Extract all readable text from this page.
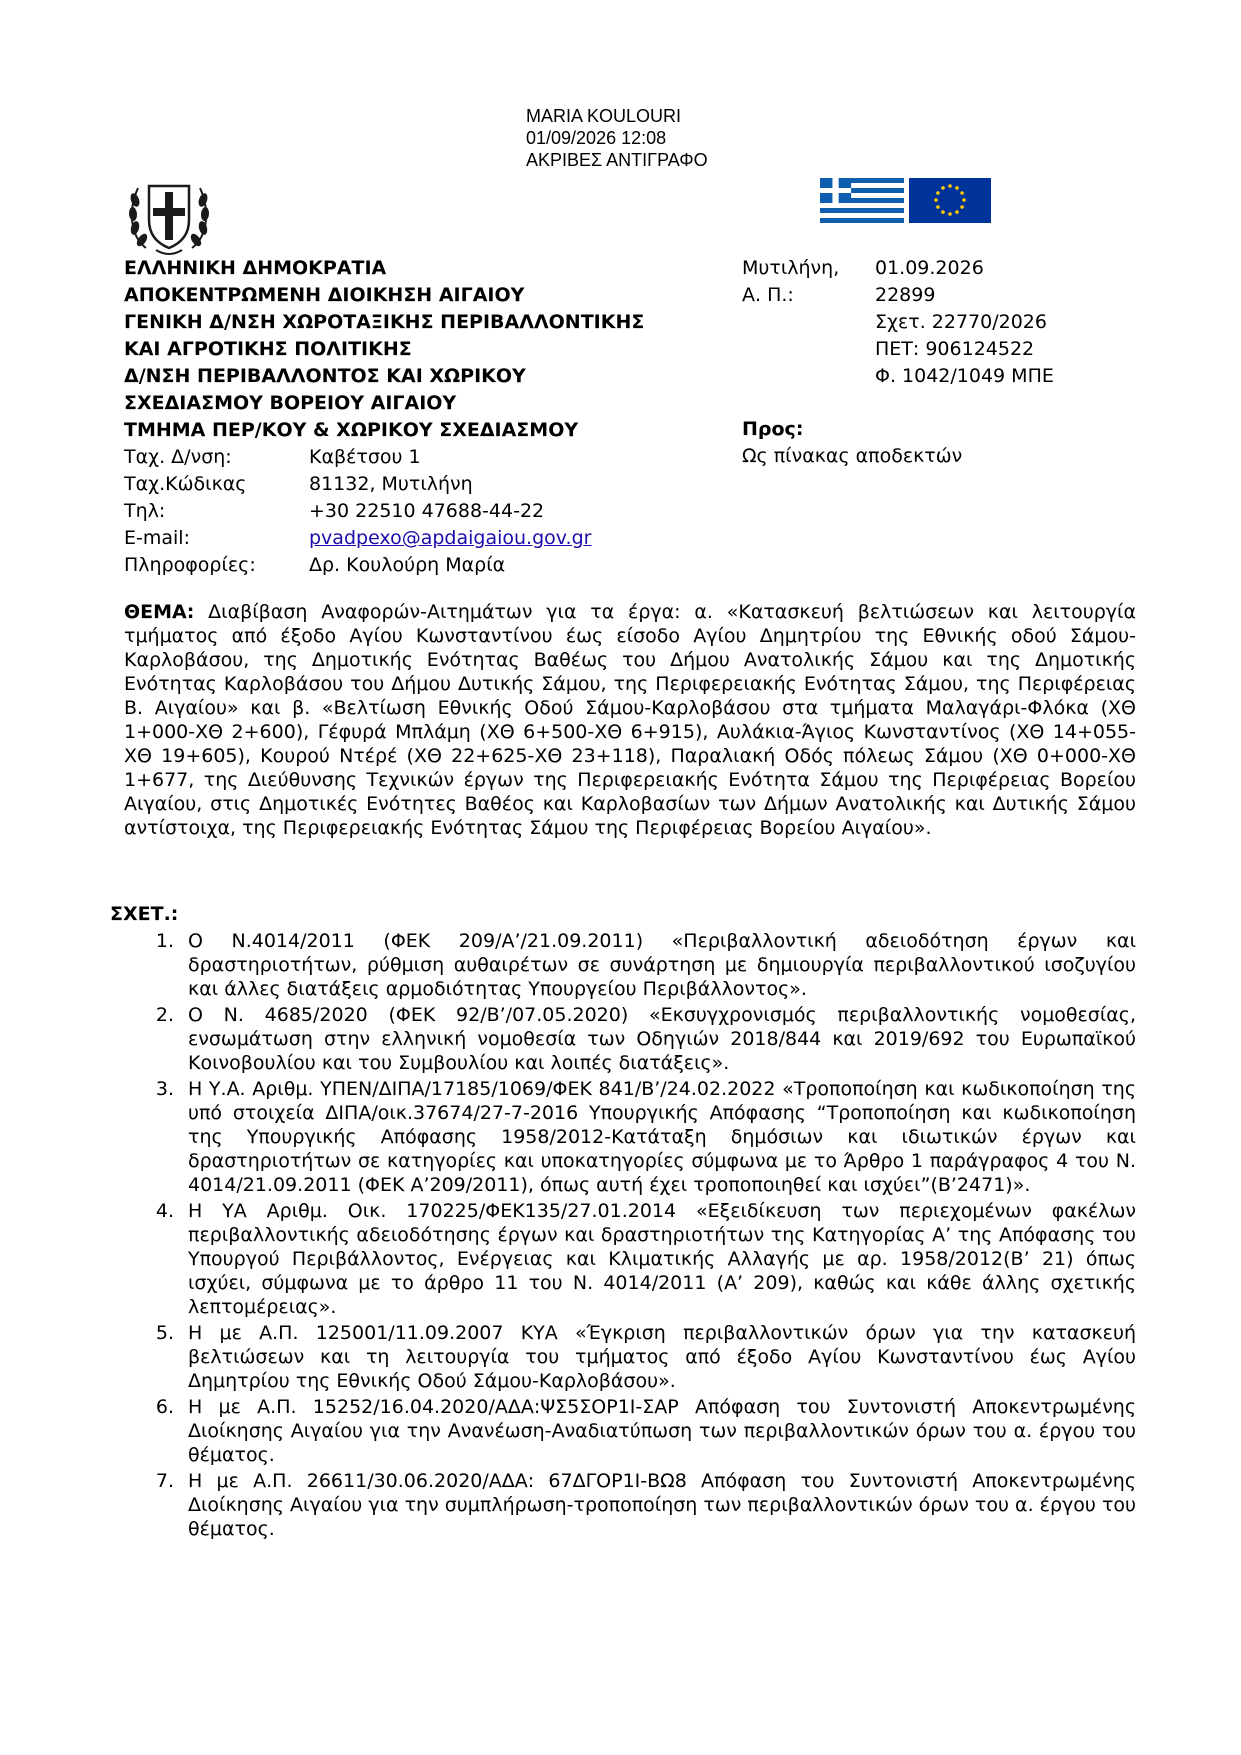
MARIA KOULOURI
01/09/2026 12:08
ΑΚΡΙΒΕΣ ΑΝΤΙΓΡΑΦΟ
ΕΛΛΗΝΙΚΗ ΔΗΜΟΚΡΑΤΙΑ
ΑΠΟΚΕΝΤΡΩΜΕΝΗ ΔΙΟΙΚΗΣΗ ΑΙΓΑΙΟΥ
ΓΕΝΙΚΗ Δ/ΝΣΗ ΧΩΡΟΤΑΞΙΚΗΣ ΠΕΡΙΒΑΛΛΟΝΤΙΚΗΣ
ΚΑΙ ΑΓΡΟΤΙΚΗΣ ΠΟΛΙΤΙΚΗΣ
Δ/ΝΣΗ ΠΕΡΙΒΑΛΛΟΝΤΟΣ ΚΑΙ ΧΩΡΙΚΟΥ
ΣΧΕΔΙΑΣΜΟΥ ΒΟΡΕΙΟΥ ΑΙΓΑΙΟΥ
ΤΜΗΜΑ ΠΕΡ/ΚΟΥ & ΧΩΡΙΚΟΥ ΣΧΕΔΙΑΣΜΟΥ
Ταχ. Δ/νση:	Καβέτσου 1
Ταχ.Κώδικας	81132, Μυτιλήνη
Τηλ:	+30 22510 47688-44-22
E-mail:	pvadpexo@apdaigaiou.gov.gr
Πληροφορίες:	Δρ. Κουλούρη Μαρία
Μυτιλήνη,	01.09.2026
Α. Π.:	22899
Σχετ. 22770/2026
ΠΕΤ: 906124522
Φ. 1042/1049 ΜΠΕ
Προς:
Ως πίνακας αποδεκτών
ΘΕΜΑ: Διαβίβαση Αναφορών-Αιτημάτων για τα έργα: α. «Κατασκευή βελτιώσεων και λειτουργία τμήματος από έξοδο Αγίου Κωνσταντίνου έως είσοδο Αγίου Δημητρίου της Εθνικής οδού Σάμου-Καρλοβάσου, της Δημοτικής Ενότητας Βαθέως του Δήμου Ανατολικής Σάμου και της Δημοτικής Ενότητας Καρλοβάσου του Δήμου Δυτικής Σάμου, της Περιφερειακής Ενότητας Σάμου, της Περιφέρειας Β. Αιγαίου» και β. «Βελτίωση Εθνικής Οδού Σάμου-Καρλοβάσου στα τμήματα Μαλαγάρι-Φλόκα (ΧΘ 1+000-ΧΘ 2+600), Γέφυρά Μπλάμη (ΧΘ 6+500-ΧΘ 6+915), Αυλάκια-Άγιος Κωνσταντίνος (ΧΘ 14+055-ΧΘ 19+605), Κουρού Ντέρέ (ΧΘ 22+625-ΧΘ 23+118), Παραλιακή Οδός πόλεως Σάμου (ΧΘ 0+000-ΧΘ 1+677, της Διεύθυνσης Τεχνικών έργων της Περιφερειακής Ενότητα Σάμου της Περιφέρειας Βορείου Αιγαίου, στις Δημοτικές Ενότητες Βαθέος και Καρλοβασίων των Δήμων Ανατολικής και Δυτικής Σάμου αντίστοιχα, της Περιφερειακής Ενότητας Σάμου της Περιφέρειας Βορείου Αιγαίου».
ΣΧΕΤ.:
1. Ο Ν.4014/2011 (ΦΕΚ 209/Α’/21.09.2011) «Περιβαλλοντική αδειοδότηση έργων και δραστηριοτήτων, ρύθμιση αυθαιρέτων σε συνάρτηση με δημιουργία περιβαλλοντικού ισοζυγίου και άλλες διατάξεις αρμοδιότητας Υπουργείου Περιβάλλοντος».
2. Ο Ν. 4685/2020 (ΦΕΚ 92/Β’/07.05.2020) «Εκσυγχρονισμός περιβαλλοντικής νομοθεσίας, ενσωμάτωση στην ελληνική νομοθεσία των Οδηγιών 2018/844 και 2019/692 του Ευρωπαϊκού Κοινοβουλίου και του Συμβουλίου και λοιπές διατάξεις».
3. Η Υ.Α. Αριθμ. ΥΠΕΝ/ΔΙΠΑ/17185/1069/ΦΕΚ 841/Β’/24.02.2022 «Τροποποίηση και κωδικοποίηση της υπό στοιχεία ΔΙΠΑ/οικ.37674/27-7-2016 Υπουργικής Απόφασης “Τροποποίηση και κωδικοποίηση της Υπουργικής Απόφασης 1958/2012-Κατάταξη δημόσιων και ιδιωτικών έργων και δραστηριοτήτων σε κατηγορίες και υποκατηγορίες σύμφωνα με το Άρθρο 1 παράγραφος 4 του Ν. 4014/21.09.2011 (ΦΕΚ Α’209/2011), όπως αυτή έχει τροποποιηθεί και ισχύει”(Β’2471)».
4. Η ΥΑ Αριθμ. Οικ. 170225/ΦΕΚ135/27.01.2014 «Εξειδίκευση των περιεχομένων φακέλων περιβαλλοντικής αδειοδότησης έργων και δραστηριοτήτων της Κατηγορίας Α’ της Απόφασης του Υπουργού Περιβάλλοντος, Ενέργειας και Κλιματικής Αλλαγής με αρ. 1958/2012(Β’ 21) όπως ισχύει, σύμφωνα με το άρθρο 11 του Ν. 4014/2011 (Α’ 209), καθώς και κάθε άλλης σχετικής λεπτομέρειας».
5. Η με Α.Π. 125001/11.09.2007 ΚΥΑ «Έγκριση περιβαλλοντικών όρων για την κατασκευή βελτιώσεων και τη λειτουργία του τμήματος από έξοδο Αγίου Κωνσταντίνου έως Αγίου Δημητρίου της Εθνικής Οδού Σάμου-Καρλοβάσου».
6. Η με Α.Π. 15252/16.04.2020/ΑΔΑ:ΨΣ5ΣΟΡ1Ι-ΣΑΡ Απόφαση του Συντονιστή Αποκεντρωμένης Διοίκησης Αιγαίου για την Ανανέωση-Αναδιατύπωση των περιβαλλοντικών όρων του α. έργου του θέματος.
7. Η με Α.Π. 26611/30.06.2020/ΑΔΑ: 67ΔΓΟΡ1Ι-ΒΩ8 Απόφαση του Συντονιστή Αποκεντρωμένης Διοίκησης Αιγαίου για την συμπλήρωση-τροποποίηση των περιβαλλοντικών όρων του α. έργου του θέματος.
